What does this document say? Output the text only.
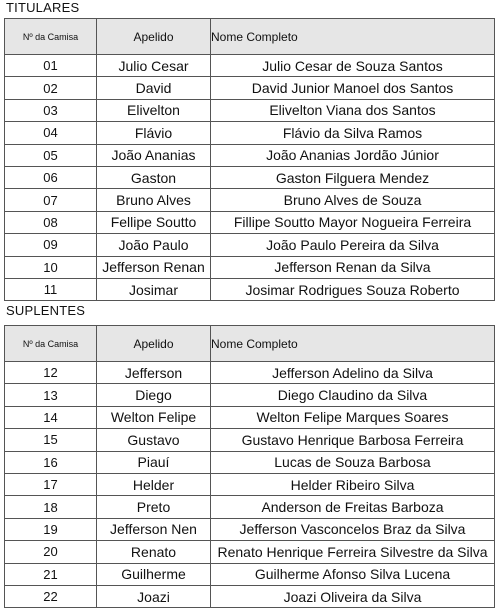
TITULARES
Nº da Camisa	Apelido	Nome Completo
01	Julio Cesar	Julio Cesar de Souza Santos
02	David	David Junior Manoel dos Santos
03	Elivelton	Elivelton Viana dos Santos
04	Flávio	Flávio da Silva Ramos
05	João Ananias	João Ananias Jordão Júnior
06	Gaston	Gaston Filguera Mendez
07	Bruno Alves	Bruno Alves de Souza
08	Fellipe Soutto	Fillipe Soutto Mayor Nogueira Ferreira
09	João Paulo	João Paulo Pereira da Silva
10	Jefferson Renan	Jefferson Renan da Silva
11	Josimar	Josimar Rodrigues Souza Roberto
SUPLENTES
Nº da Camisa	Apelido	Nome Completo
12	Jefferson	Jefferson Adelino da Silva
13	Diego	Diego Claudino da Silva
14	Welton Felipe	Welton Felipe Marques Soares
15	Gustavo	Gustavo Henrique Barbosa Ferreira
16	Piauí	Lucas de Souza Barbosa
17	Helder	Helder Ribeiro Silva
18	Preto	Anderson de Freitas Barboza
19	Jefferson Nen	Jefferson Vasconcelos Braz da Silva
20	Renato	Renato Henrique Ferreira Silvestre da Silva
21	Guilherme	Guilherme Afonso Silva Lucena
22	Joazi	Joazi Oliveira da Silva
